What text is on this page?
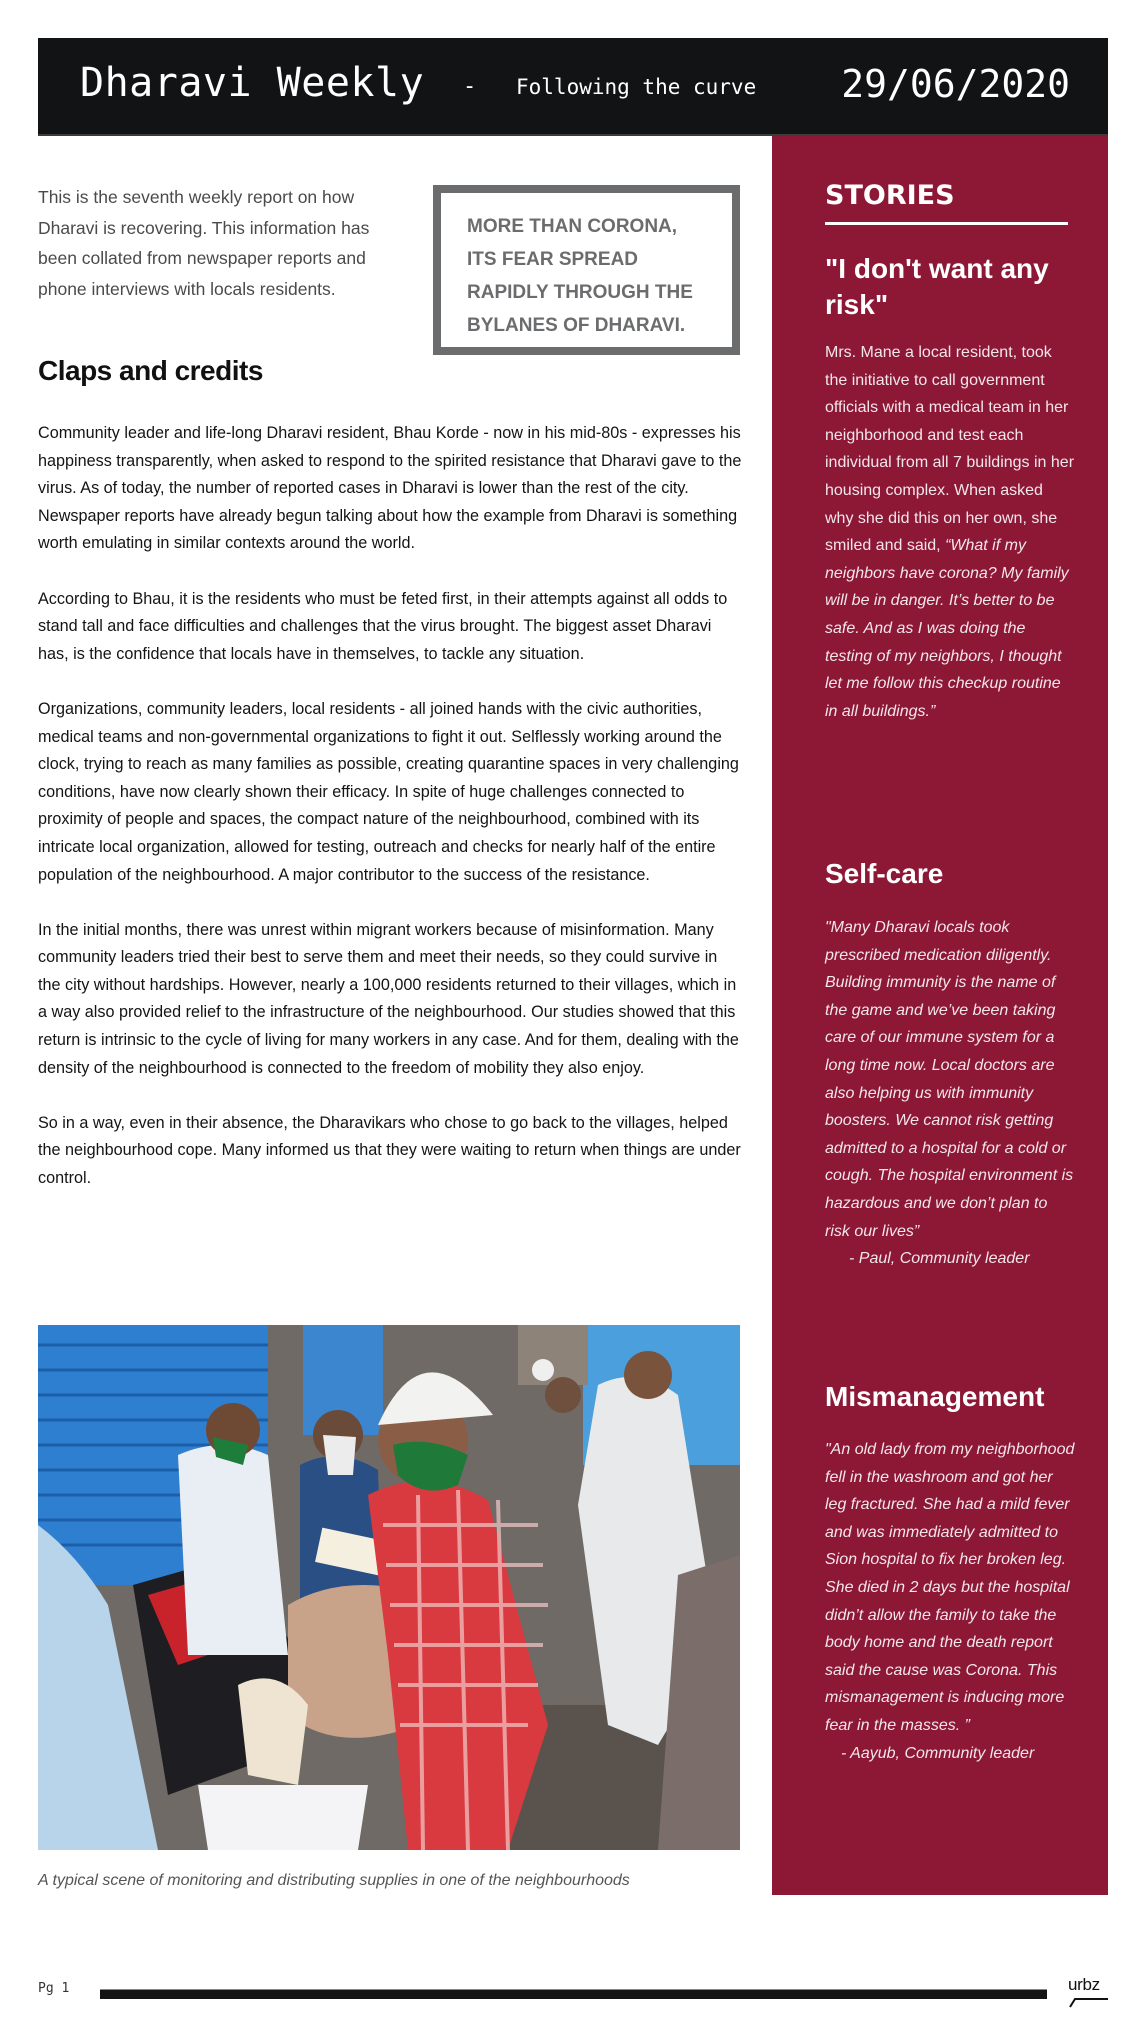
Dharavi Weekly - Following the curve 29/06/2020
This is the seventh weekly report on how Dharavi is recovering. This information has been collated from newspaper reports and phone interviews with locals residents.

MORE THAN CORONA, ITS FEAR SPREAD RAPIDLY THROUGH THE BYLANES OF DHARAVI.

Claps and credits

Community leader and life-long Dharavi resident, Bhau Korde - now in his mid-80s - expresses his happiness transparently, when asked to respond to the spirited resistance that Dharavi gave to the virus. As of today, the number of reported cases in Dharavi is lower than the rest of the city. Newspaper reports have already begun talking about how the example from Dharavi is something worth emulating in similar contexts around the world.

According to Bhau, it is the residents who must be feted first, in their attempts against all odds to stand tall and face difficulties and challenges that the virus brought. The biggest asset Dharavi has, is the confidence that locals have in themselves, to tackle any situation.

Organizations, community leaders, local residents - all joined hands with the civic authorities, medical teams and non-governmental organizations to fight it out. Selflessly working around the clock, trying to reach as many families as possible, creating quarantine spaces in very challenging conditions, have now clearly shown their efficacy. In spite of huge challenges connected to proximity of people and spaces, the compact nature of the neighbourhood, combined with its intricate local organization, allowed for testing, outreach and checks for nearly half of the entire population of the neighbourhood. A major contributor to the success of the resistance.

In the initial months, there was unrest within migrant workers because of misinformation. Many community leaders tried their best to serve them and meet their needs, so they could survive in the city without hardships. However, nearly a 100,000 residents returned to their villages, which in a way also provided relief to the infrastructure of the neighbourhood. Our studies showed that this return is intrinsic to the cycle of living for many workers in any case. And for them, dealing with the density of the neighbourhood is connected to the freedom of mobility they also enjoy.

So in a way, even in their absence, the Dharavikars who chose to go back to the villages, helped the neighbourhood cope. Many informed us that they were waiting to return when things are under control.

A typical scene of monitoring and distributing supplies in one of the neighbourhoods
STORIES
"I don't want any risk"

Mrs. Mane a local resident, took the initiative to call government officials with a medical team in her neighborhood and test each individual from all 7 buildings in her housing complex. When asked why she did this on her own, she smiled and said, “What if my neighbors have corona? My family will be in danger. It’s better to be safe. And as I was doing the testing of my neighbors, I thought let me follow this checkup routine in all buildings.”

Self-care

"Many Dharavi locals took prescribed medication diligently. Building immunity is the name of the game and we’ve been taking care of our immune system for a long time now. Local doctors are also helping us with immunity boosters. We cannot risk getting admitted to a hospital for a cold or cough. The hospital environment is hazardous and we don’t plan to risk our lives”
- Paul, Community leader

Mismanagement

"An old lady from my neighborhood fell in the washroom and got her leg fractured. She had a mild fever and was immediately admitted to Sion hospital to fix her broken leg. She died in 2 days but the hospital didn’t allow the family to take the body home and the death report said the cause was Corona. This mismanagement is inducing more fear in the masses. ”
- Aayub, Community leader

Pg 1	urbz
